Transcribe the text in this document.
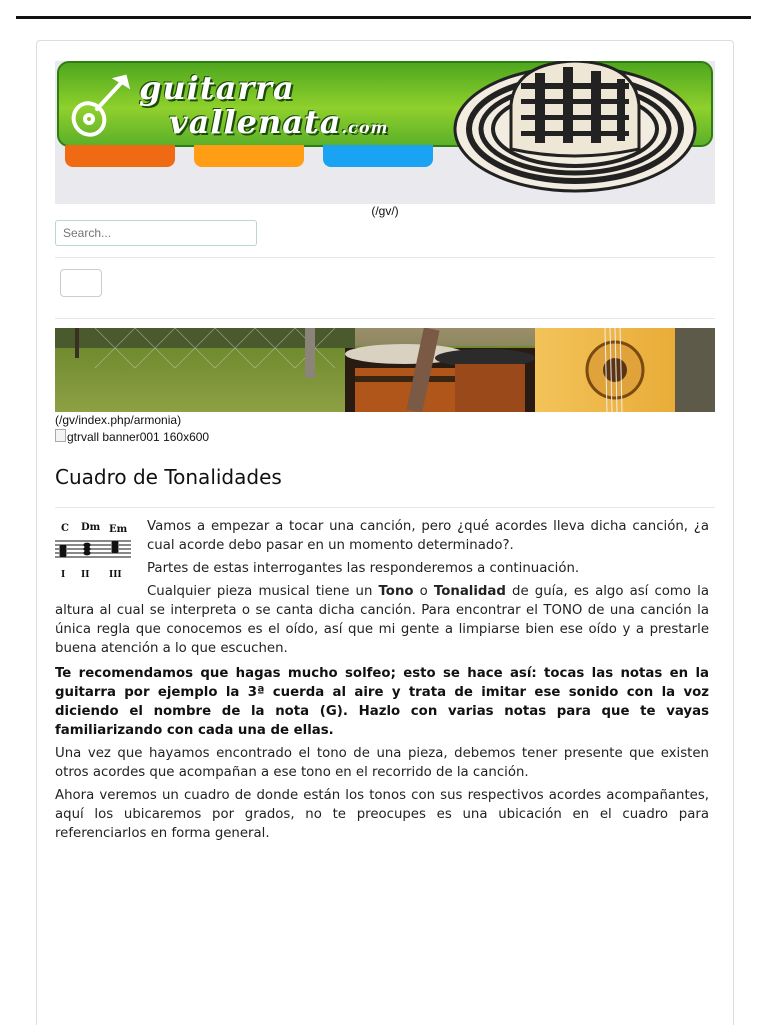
guitarra
vallenata.com
(/gv/)
Search...
(/gv/index.php/armonia)
gtrvall banner001 160x600
Cuadro de Tonalidades
C Dm Em
I II III

Vamos a empezar a tocar una canción, pero ¿qué acordes lleva dicha canción, ¿a cual acorde debo pasar en un momento determinado?.

Partes de estas interrogantes las responderemos a continuación.

Cualquier pieza musical tiene un Tono o Tonalidad de guía, es algo así como la altura al cual se interpreta o se canta dicha canción. Para encontrar el TONO de una canción la única regla que conocemos es el oído, así que mi gente a limpiarse bien ese oído y a prestarle buena atención a lo que escuchen.

Te recomendamos que hagas mucho solfeo; esto se hace así: tocas las notas en la guitarra por ejemplo la 3ª cuerda al aire y trata de imitar ese sonido con la voz diciendo el nombre de la nota (G). Hazlo con varias notas para que te vayas familiarizando con cada una de ellas.

Una vez que hayamos encontrado el tono de una pieza, debemos tener presente que existen otros acordes que acompañan a ese tono en el recorrido de la canción.

Ahora veremos un cuadro de donde están los tonos con sus respectivos acordes acompañantes, aquí los ubicaremos por grados, no te preocupes es una ubicación en el cuadro para referenciarlos en forma general.
